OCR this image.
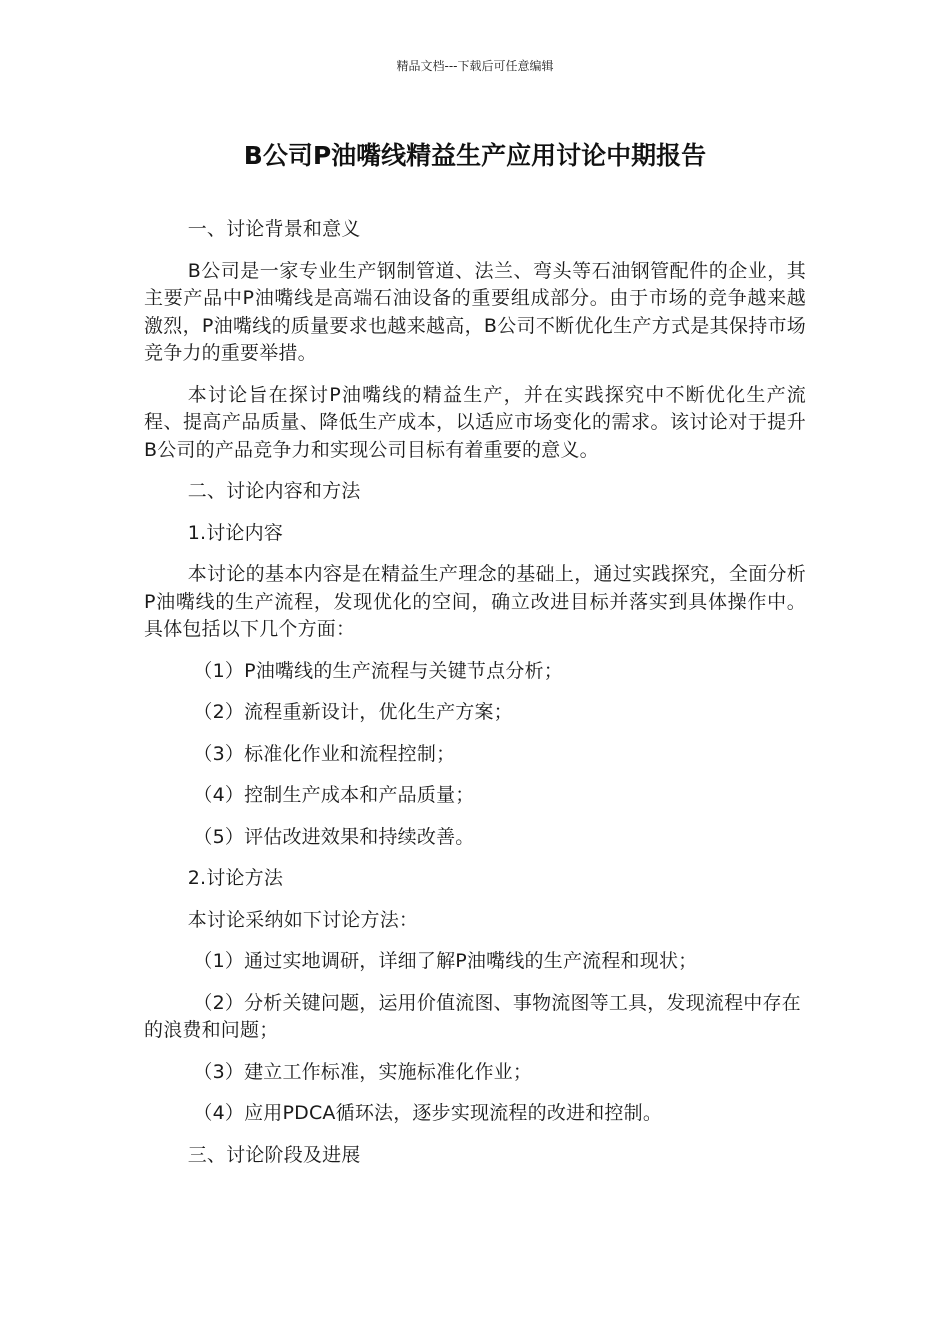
精品文档---下载后可任意编辑
B公司P油嘴线精益生产应用讨论中期报告

一、讨论背景和意义

B公司是一家专业生产钢制管道、法兰、弯头等石油钢管配件的企业，其主要产品中P油嘴线是高端石油设备的重要组成部分。由于市场的竞争越来越激烈，P油嘴线的质量要求也越来越高，B公司不断优化生产方式是其保持市场竞争力的重要举措。

本讨论旨在探讨P油嘴线的精益生产，并在实践探究中不断优化生产流程、提高产品质量、降低生产成本，以适应市场变化的需求。该讨论对于提升B公司的产品竞争力和实现公司目标有着重要的意义。

二、讨论内容和方法

1.讨论内容

本讨论的基本内容是在精益生产理念的基础上，通过实践探究，全面分析P油嘴线的生产流程，发现优化的空间，确立改进目标并落实到具体操作中。具体包括以下几个方面：

（1）P油嘴线的生产流程与关键节点分析；

（2）流程重新设计，优化生产方案；

（3）标准化作业和流程控制；

（4）控制生产成本和产品质量；

（5）评估改进效果和持续改善。

2.讨论方法

本讨论采纳如下讨论方法：

（1）通过实地调研，详细了解P油嘴线的生产流程和现状；

（2）分析关键问题，运用价值流图、事物流图等工具，发现流程中存在的浪费和问题；

（3）建立工作标准，实施标准化作业；

（4）应用PDCA循环法，逐步实现流程的改进和控制。

三、讨论阶段及进展
